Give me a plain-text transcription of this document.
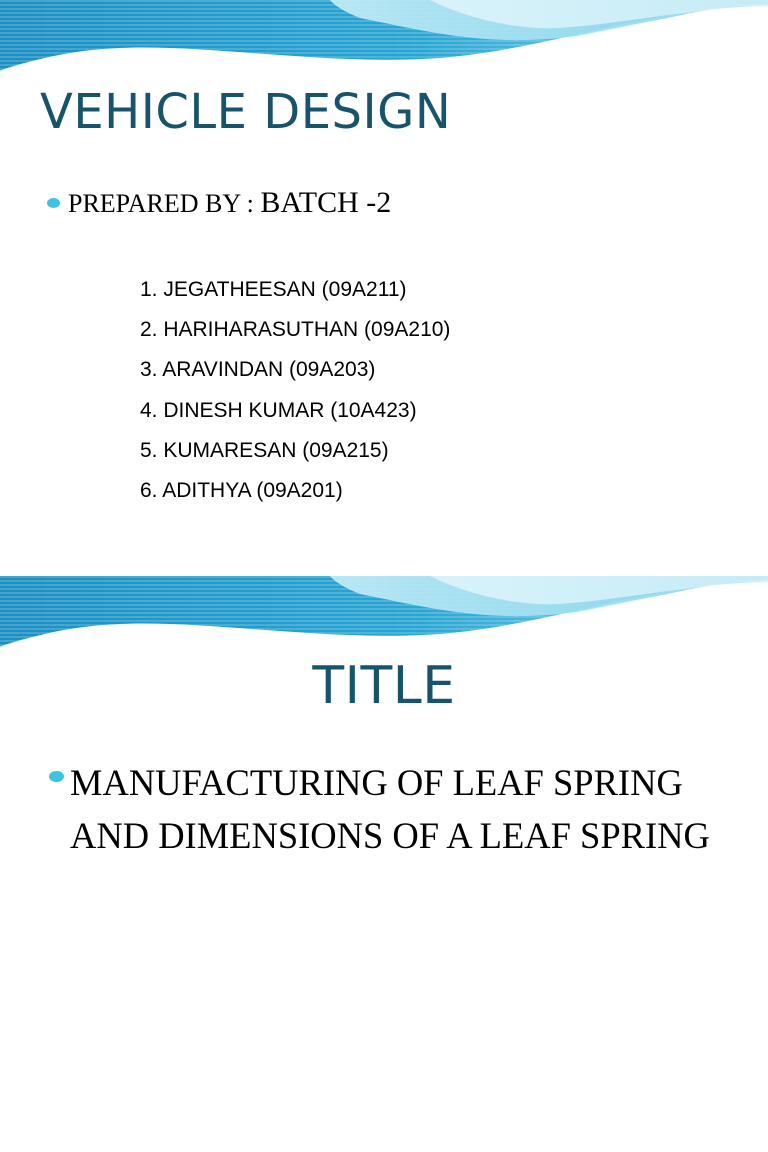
VEHICLE DESIGN

PREPARED BY : BATCH -2

1. JEGATHEESAN (09A211)
2. HARIHARASUTHAN (09A210)
3. ARAVINDAN (09A203)
4. DINESH KUMAR (10A423)
5. KUMARESAN (09A215)
6. ADITHYA (09A201)
TITLE

MANUFACTURING OF LEAF SPRING AND DIMENSIONS OF A LEAF SPRING
